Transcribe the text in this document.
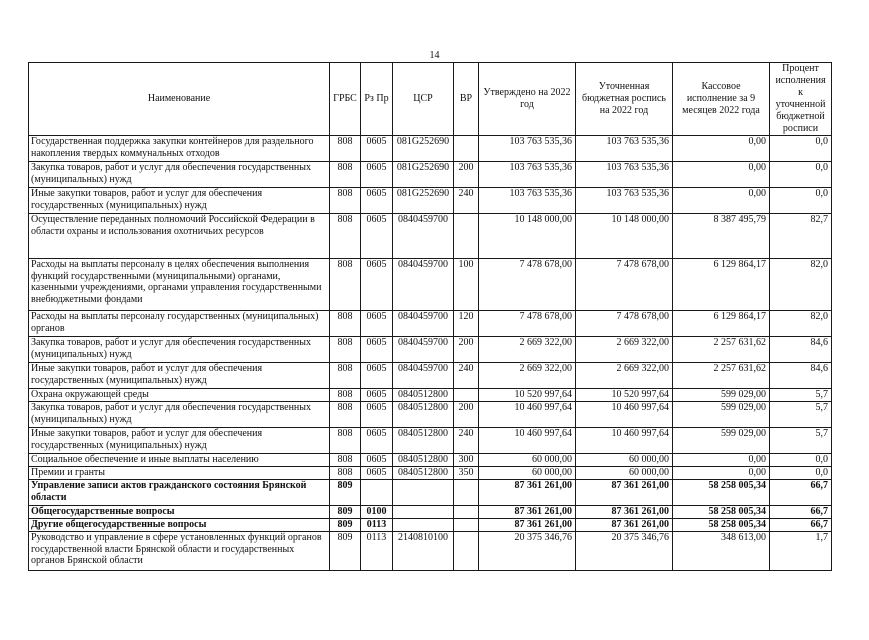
14
Наименование	ГРБС	Рз Пр	ЦСР	ВР	Утверждено на 2022 год	Уточненная бюджетная роспись на 2022 год	Кассовое исполнение за 9 месяцев 2022 года	Процент исполнения к уточненной бюджетной росписи
Государственная поддержка закупки контейнеров для раздельного накопления твердых коммунальных отходов	808	0605	081G252690		103 763 535,36	103 763 535,36	0,00	0,0
Закупка товаров, работ и услуг для обеспечения государственных (муниципальных) нужд	808	0605	081G252690	200	103 763 535,36	103 763 535,36	0,00	0,0
Иные закупки товаров, работ и услуг для обеспечения государственных (муниципальных) нужд	808	0605	081G252690	240	103 763 535,36	103 763 535,36	0,00	0,0
Осуществление переданных полномочий Российской Федерации в области охраны и использования охотничьих ресурсов	808	0605	0840459700		10 148 000,00	10 148 000,00	8 387 495,79	82,7
Расходы на выплаты персоналу в целях обеспечения выполнения функций государственными (муниципальными) органами, казенными учреждениями, органами управления государственными внебюджетными фондами	808	0605	0840459700	100	7 478 678,00	7 478 678,00	6 129 864,17	82,0
Расходы на выплаты персоналу государственных (муниципальных) органов	808	0605	0840459700	120	7 478 678,00	7 478 678,00	6 129 864,17	82,0
Закупка товаров, работ и услуг для обеспечения государственных (муниципальных) нужд	808	0605	0840459700	200	2 669 322,00	2 669 322,00	2 257 631,62	84,6
Иные закупки товаров, работ и услуг для обеспечения государственных (муниципальных) нужд	808	0605	0840459700	240	2 669 322,00	2 669 322,00	2 257 631,62	84,6
Охрана окружающей среды	808	0605	0840512800		10 520 997,64	10 520 997,64	599 029,00	5,7
Закупка товаров, работ и услуг для обеспечения государственных (муниципальных) нужд	808	0605	0840512800	200	10 460 997,64	10 460 997,64	599 029,00	5,7
Иные закупки товаров, работ и услуг для обеспечения государственных (муниципальных) нужд	808	0605	0840512800	240	10 460 997,64	10 460 997,64	599 029,00	5,7
Социальное обеспечение и иные выплаты населению	808	0605	0840512800	300	60 000,00	60 000,00	0,00	0,0
Премии и гранты	808	0605	0840512800	350	60 000,00	60 000,00	0,00	0,0
Управление записи актов гражданского состояния Брянской области	809				87 361 261,00	87 361 261,00	58 258 005,34	66,7
Общегосударственные вопросы	809	0100			87 361 261,00	87 361 261,00	58 258 005,34	66,7
Другие общегосударственные вопросы	809	0113			87 361 261,00	87 361 261,00	58 258 005,34	66,7
Руководство и управление в сфере установленных функций органов государственной власти Брянской области и государственных органов Брянской области	809	0113	2140810100		20 375 346,76	20 375 346,76	348 613,00	1,7
